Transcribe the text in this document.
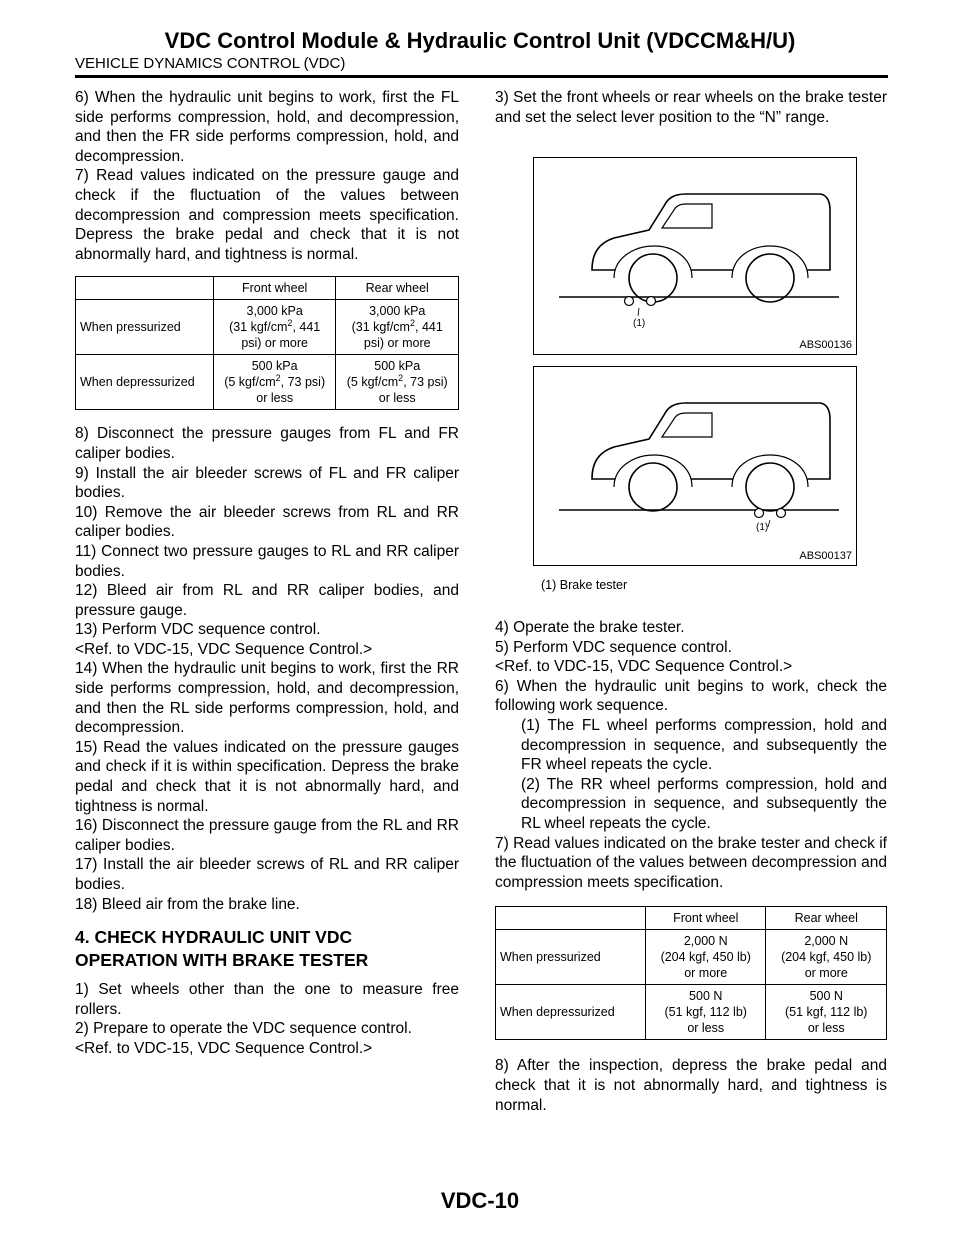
VDC Control Module & Hydraulic Control Unit (VDCCM&H/U)
VEHICLE DYNAMICS CONTROL (VDC)

6) When the hydraulic unit begins to work, first the FL side performs compression, hold, and decompression, and then the FR side performs compression, hold, and decompression.

7) Read values indicated on the pressure gauge and check if the fluctuation of the values between decompression and compression meets specification. Depress the brake pedal and check that it is not abnormally hard, and tightness is normal.

	Front wheel	Rear wheel
When pressurized	3,000 kPa
(31 kgf/$cm^2$, 441
psi) or more	3,000 kPa
(31 kgf/$cm^2$, 441
psi) or more
When depressurized	500 kPa
(5 kgf/$cm^2$, 73 psi)
or less	500 kPa
(5 kgf/$cm^2$, 73 psi)
or less

8) Disconnect the pressure gauges from FL and FR caliper bodies.

9) Install the air bleeder screws of FL and FR caliper bodies.

10) Remove the air bleeder screws from RL and RR caliper bodies.

11) Connect two pressure gauges to RL and RR caliper bodies.

12) Bleed air from RL and RR caliper bodies, and pressure gauge.

13) Perform VDC sequence control.

<Ref. to VDC-15, VDC Sequence Control.>

14) When the hydraulic unit begins to work, first the RR side performs compression, hold, and decompression, and then the RL side performs compression, hold, and decompression.

15) Read the values indicated on the pressure gauges and check if it is within specification. Depress the brake pedal and check that it is not abnormally hard, and tightness is normal.

16) Disconnect the pressure gauge from the RL and RR caliper bodies.

17) Install the air bleeder screws of RL and RR caliper bodies.

18) Bleed air from the brake line.

4. CHECK HYDRAULIC UNIT VDC OPERATION WITH BRAKE TESTER

1) Set wheels other than the one to measure free rollers.

2) Prepare to operate the VDC sequence control.

<Ref. to VDC-15, VDC Sequence Control.>

3) Set the front wheels or rear wheels on the brake tester and set the select lever position to the “N” range.

(1)
ABS00136
(1)
ABS00137
(1) Brake tester

4) Operate the brake tester.

5) Perform VDC sequence control.

<Ref. to VDC-15, VDC Sequence Control.>

6) When the hydraulic unit begins to work, check the following work sequence.

(1) The FL wheel performs compression, hold and decompression in sequence, and subsequently the FR wheel repeats the cycle.

(2) The RR wheel performs compression, hold and decompression in sequence, and subsequently the RL wheel repeats the cycle.

7) Read values indicated on the brake tester and check if the fluctuation of the values between decompression and compression meets specification.

	Front wheel	Rear wheel
When pressurized	2,000 N
(204 kgf, 450 lb)
or more	2,000 N
(204 kgf, 450 lb)
or more
When depressurized	500 N
(51 kgf, 112 lb)
or less	500 N
(51 kgf, 112 lb)
or less

8) After the inspection, depress the brake pedal and check that it is not abnormally hard, and tightness is normal.

VDC-10
